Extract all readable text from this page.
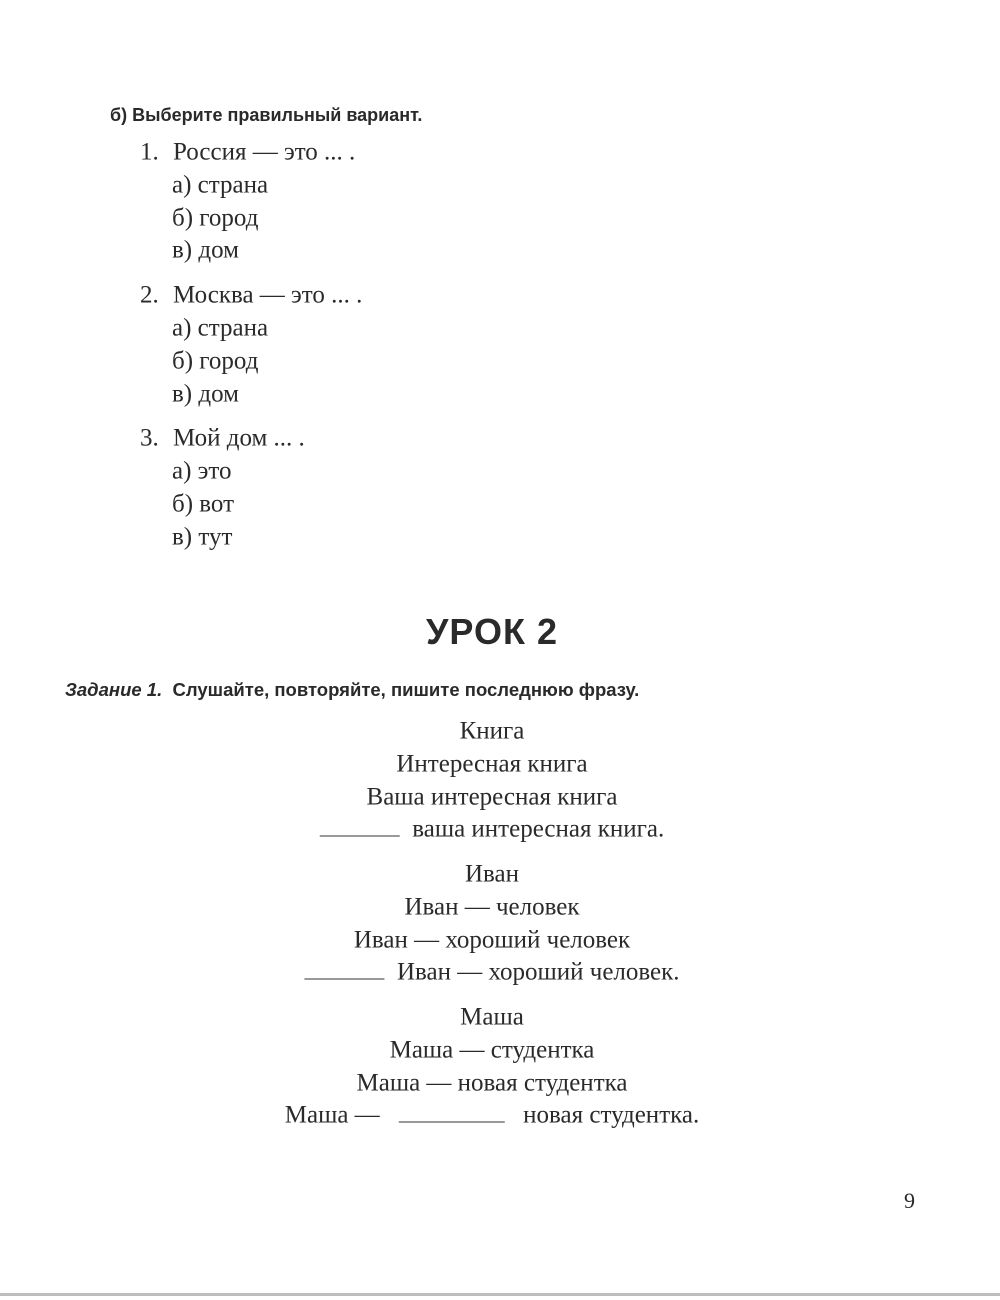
б) Выберите правильный вариант.
1. Россия — это ... .
а) страна
б) город
в) дом
2. Москва — это ... .
а) страна
б) город
в) дом
3. Мой дом ... .
а) это
б) вот
в) тут
УРОК 2
Задание 1. Слушайте, повторяйте, пишите последнюю фразу.
Книга
Интересная книга
Ваша интересная книга
ваша интересная книга.
Иван
Иван — человек
Иван — хороший человек
Иван — хороший человек.
Маша
Маша — студентка
Маша — новая студентка
Маша —	новая студентка.
9
